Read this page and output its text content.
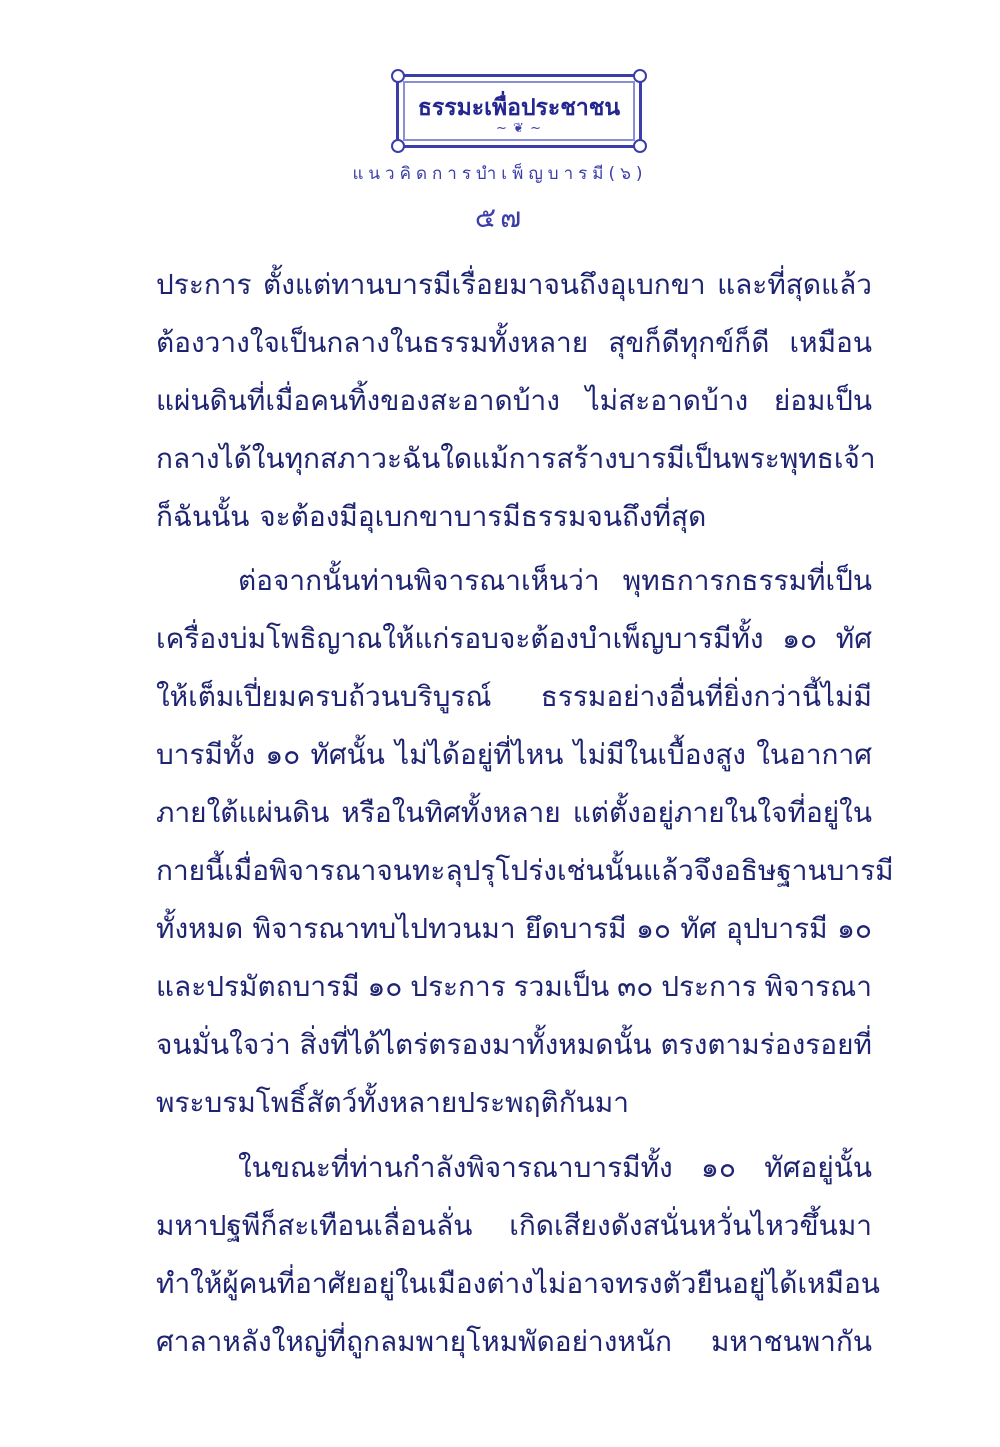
ธรรมะเพื่อประชาชน
~ ❦ ~
แนวคิดการบำเพ็ญบารมี(๖)
๕๗
ประการ ตั้งแต่ทานบารมีเรื่อยมาจนถึงอุเบกขา และที่สุดแล้ว
ต้องวางใจเป็นกลางในธรรมทั้งหลาย สุขก็ดีทุกข์ก็ดี เหมือน
แผ่นดินที่เมื่อคนทิ้งของสะอาดบ้าง ไม่สะอาดบ้าง ย่อมเป็น
กลางได้ในทุกสภาวะฉันใด แม้การสร้างบารมีเป็นพระพุทธเจ้า
ก็ฉันนั้น จะต้องมีอุเบกขาบารมีธรรมจนถึงที่สุด
ต่อจากนั้นท่านพิจารณาเห็นว่า พุทธการกธรรมที่เป็น
เครื่องบ่มโพธิญาณให้แก่รอบจะต้องบำเพ็ญบารมีทั้ง ๑๐ ทัศ
ให้เต็มเปี่ยมครบถ้วนบริบูรณ์ ธรรมอย่างอื่นที่ยิ่งกว่านี้ไม่มี
บารมีทั้ง ๑๐ ทัศนั้น ไม่ได้อยู่ที่ไหน ไม่มีในเบื้องสูง ในอากาศ
ภายใต้แผ่นดิน หรือในทิศทั้งหลาย แต่ตั้งอยู่ภายในใจที่อยู่ใน
กายนี้ เมื่อพิจารณาจนทะลุปรุโปร่งเช่นนั้นแล้ว จึงอธิษฐานบารมี
ทั้งหมด พิจารณาทบไปทวนมา ยึดบารมี ๑๐ ทัศ อุปบารมี ๑๐
และปรมัตถบารมี ๑๐ ประการ รวมเป็น ๓๐ ประการ พิจารณา
จนมั่นใจว่า สิ่งที่ได้ไตร่ตรองมาทั้งหมดนั้น ตรงตามร่องรอยที่
พระบรมโพธิ์สัตว์ทั้งหลายประพฤติกันมา
ในขณะที่ท่านกำลังพิจารณาบารมีทั้ง ๑๐ ทัศอยู่นั้น
มหาปฐพีก็สะเทือนเลื่อนลั่น เกิดเสียงดังสนั่นหวั่นไหวขึ้นมา
ทำให้ผู้คนที่อาศัยอยู่ในเมืองต่างไม่อาจทรงตัวยืนอยู่ได้ เหมือน
ศาลาหลังใหญ่ที่ถูกลมพายุโหมพัดอย่างหนัก มหาชนพากัน
